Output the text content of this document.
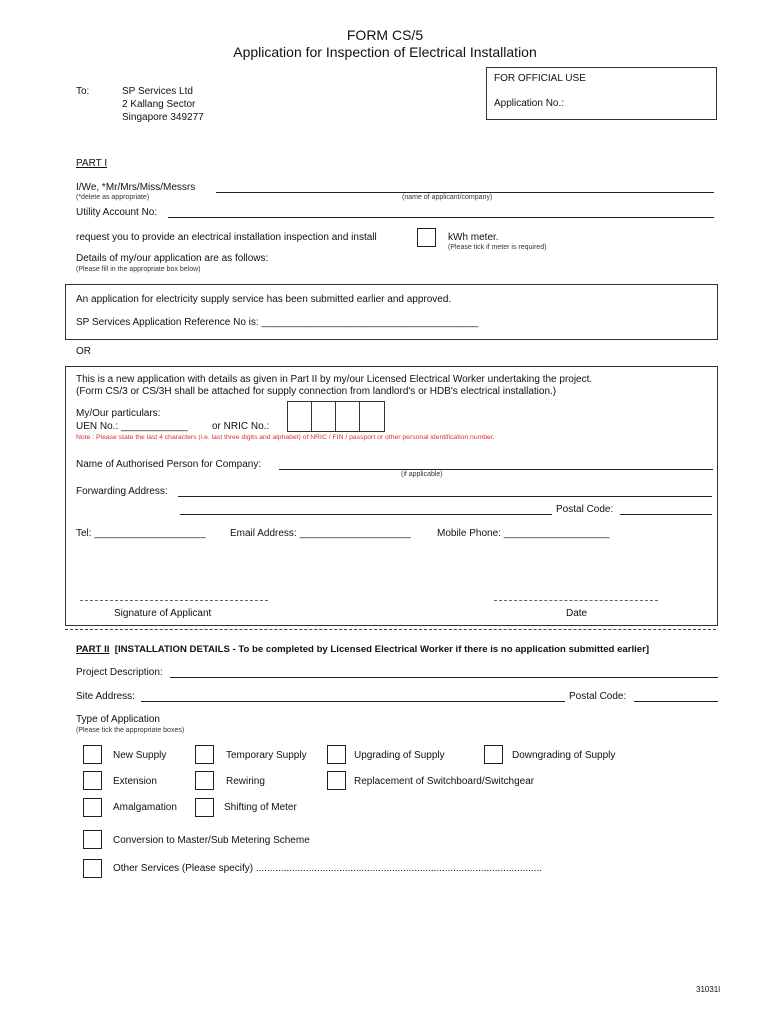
FORM CS/5
Application for Inspection of Electrical Installation
To:	SP Services Ltd
2 Kallang Sector
Singapore 349277
FOR OFFICIAL USE
Application No.:
PART I
I/We, *Mr/Mrs/Miss/Messrs
(*delete as appropriate)	(name of applicant/company)
Utility Account No:
request you to provide an electrical installation inspection and install	kWh meter.
(Please tick if meter is required)
Details of my/our application are as follows:
(Please fill in the appropriate box below)
An application for electricity supply service has been submitted earlier and approved.
SP Services Application Reference No is: _______________________________________
OR
This is a new application with details as given in Part II by my/our Licensed Electrical Worker undertaking the project.
(Form CS/3 or CS/3H shall be attached for supply connection from landlord's or HDB's electrical installation.)
My/Our particulars:
UEN No.: ____________ or NRIC No.:
Note : Please state the last 4 characters (i.e. last three digits and alphabet) of NRIC / FIN / passport or other personal identification number.
Name of Authorised Person for Company:
(if applicable)
Forwarding Address:
Postal Code:
Tel: ____________________ Email Address: ____________________	Mobile Phone: ___________________
Signature of Applicant	Date
PART II [INSTALLATION DETAILS - To be completed by Licensed Electrical Worker if there is no application submitted earlier]
Project Description:
Site Address:	Postal Code:
Type of Application
(Please tick the appropriate boxes)
New Supply	Temporary Supply	Upgrading of Supply	Downgrading of Supply
Extension	Rewiring	Replacement of Switchboard/Switchgear
Amalgamation	Shifting of Meter
Conversion to Master/Sub Metering Scheme
Other Services (Please specify) .......................................................................................................
31031l
